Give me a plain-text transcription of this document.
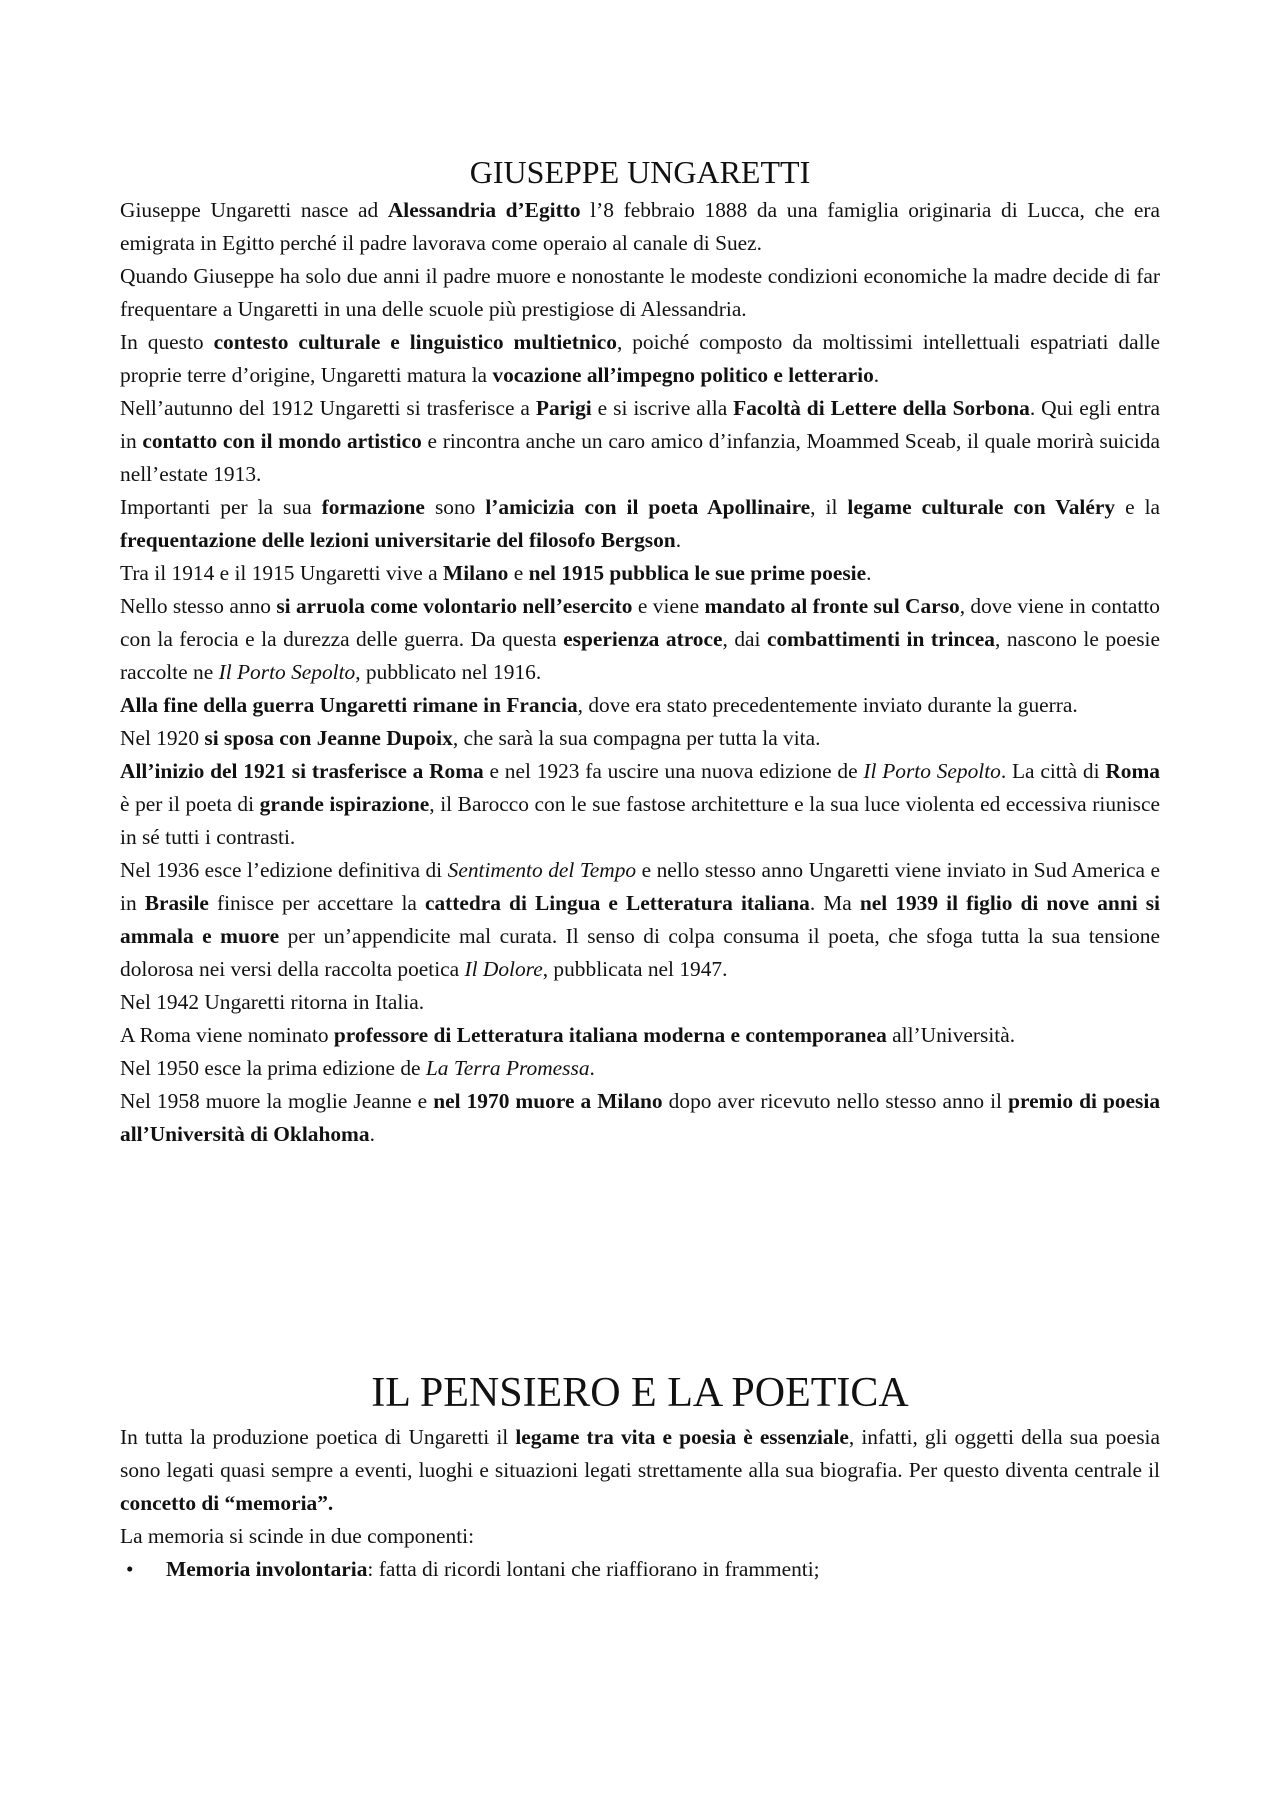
GIUSEPPE UNGARETTI

Giuseppe Ungaretti nasce ad Alessandria d’Egitto l’8 febbraio 1888 da una famiglia originaria di Lucca, che era emigrata in Egitto perché il padre lavorava come operaio al canale di Suez.

Quando Giuseppe ha solo due anni il padre muore e nonostante le modeste condizioni economiche la madre decide di far frequentare a Ungaretti in una delle scuole più prestigiose di Alessandria.

In questo contesto culturale e linguistico multietnico, poiché composto da moltissimi intellettuali espatriati dalle proprie terre d’origine, Ungaretti matura la vocazione all’impegno politico e letterario.

Nell’autunno del 1912 Ungaretti si trasferisce a Parigi e si iscrive alla Facoltà di Lettere della Sorbona. Qui egli entra in contatto con il mondo artistico e rincontra anche un caro amico d’infanzia, Moammed Sceab, il quale morirà suicida nell’estate 1913.

Importanti per la sua formazione sono l’amicizia con il poeta Apollinaire, il legame culturale con Valéry e la frequentazione delle lezioni universitarie del filosofo Bergson.

Tra il 1914 e il 1915 Ungaretti vive a Milano e nel 1915 pubblica le sue prime poesie.

Nello stesso anno si arruola come volontario nell’esercito e viene mandato al fronte sul Carso, dove viene in contatto con la ferocia e la durezza delle guerra. Da questa esperienza atroce, dai combattimenti in trincea, nascono le poesie raccolte ne Il Porto Sepolto, pubblicato nel 1916.

Alla fine della guerra Ungaretti rimane in Francia, dove era stato precedentemente inviato durante la guerra.

Nel 1920 si sposa con Jeanne Dupoix, che sarà la sua compagna per tutta la vita.

All’inizio del 1921 si trasferisce a Roma e nel 1923 fa uscire una nuova edizione de Il Porto Sepolto. La città di Roma è per il poeta di grande ispirazione, il Barocco con le sue fastose architetture e la sua luce violenta ed eccessiva riunisce in sé tutti i contrasti.

Nel 1936 esce l’edizione definitiva di Sentimento del Tempo e nello stesso anno Ungaretti viene inviato in Sud America e in Brasile finisce per accettare la cattedra di Lingua e Letteratura italiana. Ma nel 1939 il figlio di nove anni si ammala e muore per un’appendicite mal curata. Il senso di colpa consuma il poeta, che sfoga tutta la sua tensione dolorosa nei versi della raccolta poetica Il Dolore, pubblicata nel 1947.

Nel 1942 Ungaretti ritorna in Italia.

A Roma viene nominato professore di Letteratura italiana moderna e contemporanea all’Università.

Nel 1950 esce la prima edizione de La Terra Promessa.

Nel 1958 muore la moglie Jeanne e nel 1970 muore a Milano dopo aver ricevuto nello stesso anno il premio di poesia all’Università di Oklahoma.

IL PENSIERO E LA POETICA

In tutta la produzione poetica di Ungaretti il legame tra vita e poesia è essenziale, infatti, gli oggetti della sua poesia sono legati quasi sempre a eventi, luoghi e situazioni legati strettamente alla sua biografia. Per questo diventa centrale il concetto di “memoria”.

La memoria si scinde in due componenti:

• Memoria involontaria: fatta di ricordi lontani che riaffiorano in frammenti;
